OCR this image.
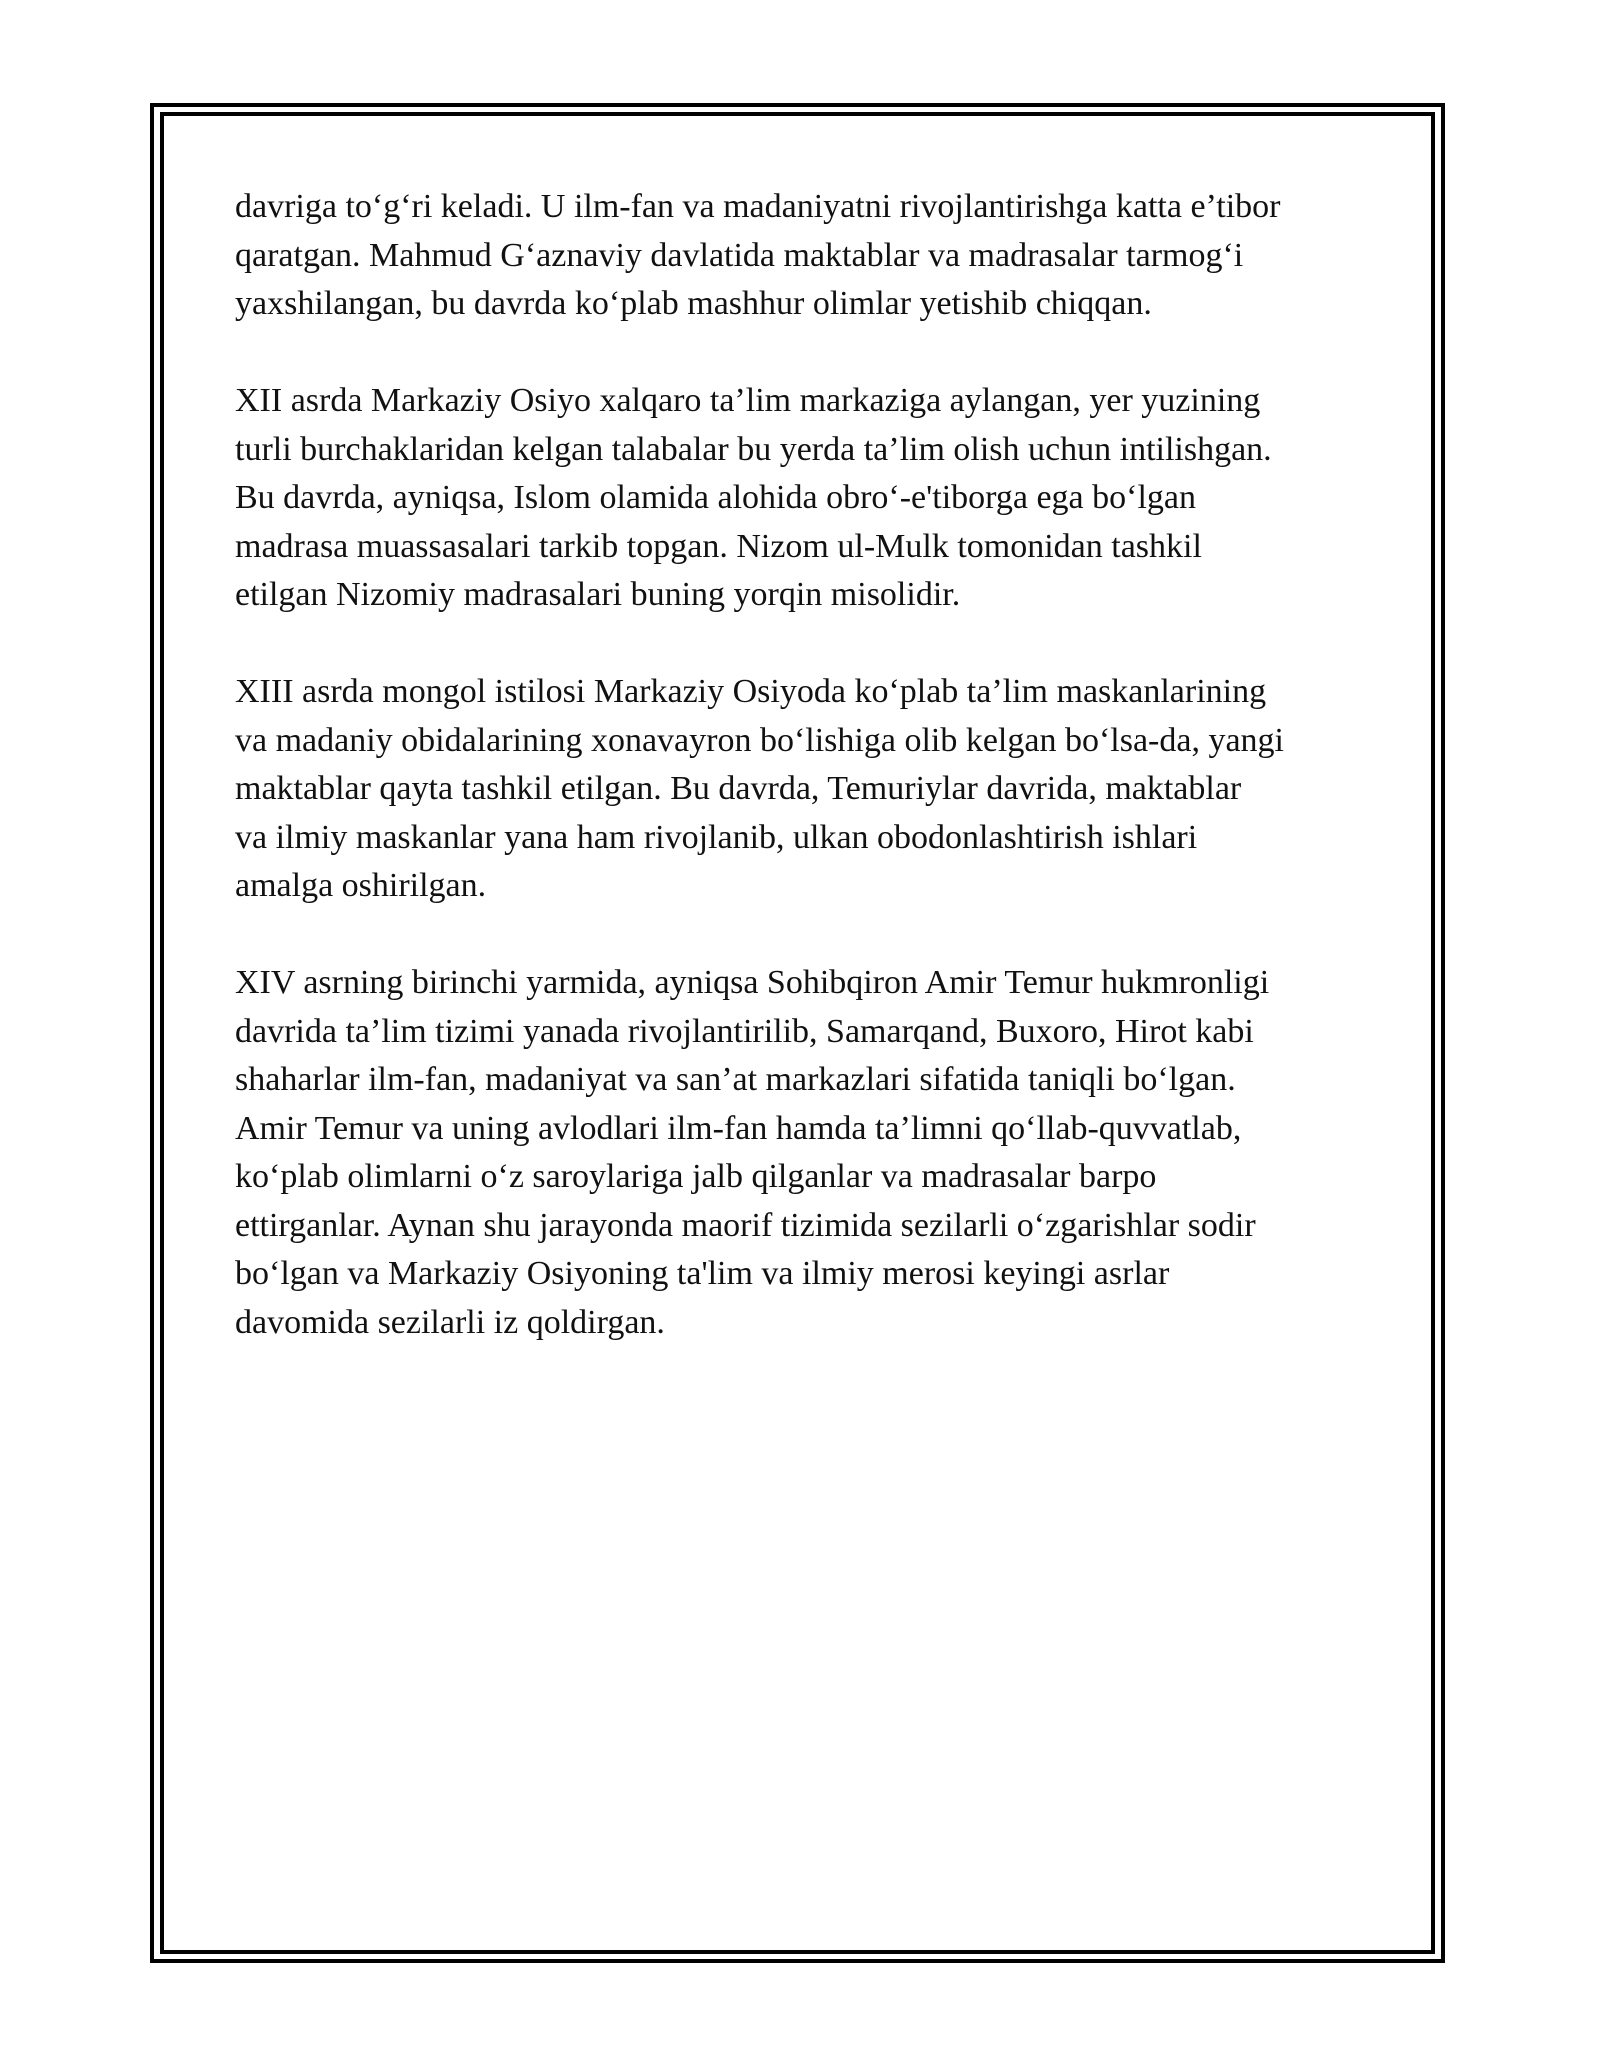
davriga to‘g‘ri keladi. U ilm-fan va madaniyatni rivojlantirishga katta e’tibor
qaratgan. Mahmud G‘aznaviy davlatida maktablar va madrasalar tarmog‘i
yaxshilangan, bu davrda ko‘plab mashhur olimlar yetishib chiqqan.

XII asrda Markaziy Osiyo xalqaro ta’lim markaziga aylangan, yer yuzining
turli burchaklaridan kelgan talabalar bu yerda ta’lim olish uchun intilishgan.
Bu davrda, ayniqsa, Islom olamida alohida obro‘-e'tiborga ega bo‘lgan
madrasa muassasalari tarkib topgan. Nizom ul-Mulk tomonidan tashkil
etilgan Nizomiy madrasalari buning yorqin misolidir.

XIII asrda mongol istilosi Markaziy Osiyoda ko‘plab ta’lim maskanlarining
va madaniy obidalarining xonavayron bo‘lishiga olib kelgan bo‘lsa-da, yangi
maktablar qayta tashkil etilgan. Bu davrda, Temuriylar davrida, maktablar
va ilmiy maskanlar yana ham rivojlanib, ulkan obodonlashtirish ishlari
amalga oshirilgan.

XIV asrning birinchi yarmida, ayniqsa Sohibqiron Amir Temur hukmronligi
davrida ta’lim tizimi yanada rivojlantirilib, Samarqand, Buxoro, Hirot kabi
shaharlar ilm-fan, madaniyat va san’at markazlari sifatida taniqli bo‘lgan.
Amir Temur va uning avlodlari ilm-fan hamda ta’limni qo‘llab-quvvatlab,
ko‘plab olimlarni o‘z saroylariga jalb qilganlar va madrasalar barpo
ettirganlar. Aynan shu jarayonda maorif tizimida sezilarli o‘zgarishlar sodir
bo‘lgan va Markaziy Osiyoning ta'lim va ilmiy merosi keyingi asrlar
davomida sezilarli iz qoldirgan.
